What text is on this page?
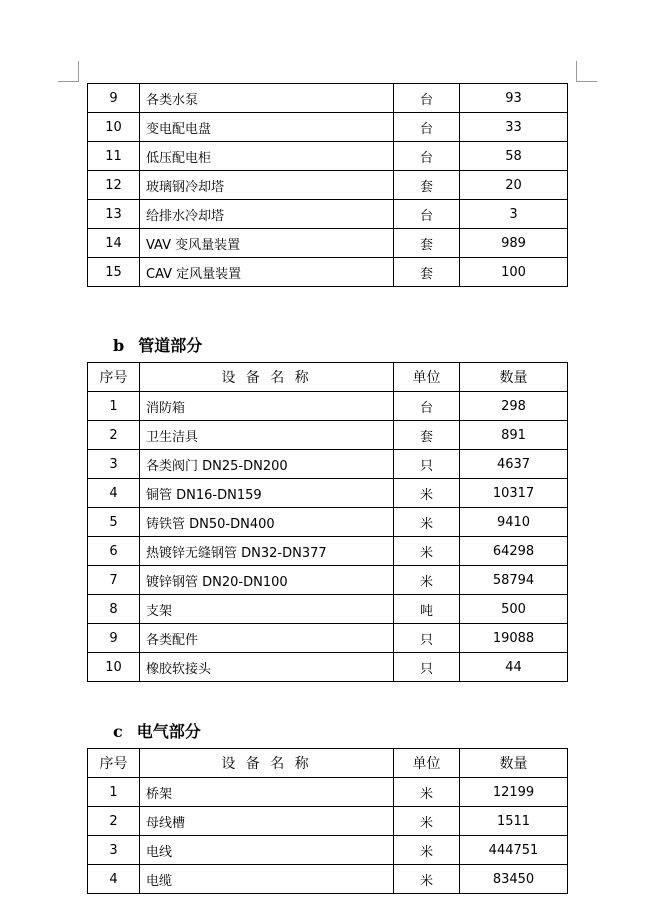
9	各类水泵	台	93
10	变电配电盘	台	33
11	低压配电柜	台	58
12	玻璃钢冷却塔	套	20
13	给排水冷却塔	台	3
14	VAV 变风量装置	套	989
15	CAV 定风量装置	套	100
b 管道部分
序号	设 备 名 称	单位	数量
1	消防箱	台	298
2	卫生洁具	套	891
3	各类阀门 DN25-DN200	只	4637
4	铜管 DN16-DN159	米	10317
5	铸铁管 DN50-DN400	米	9410
6	热镀锌无缝钢管 DN32-DN377	米	64298
7	镀锌钢管 DN20-DN100	米	58794
8	支架	吨	500
9	各类配件	只	19088
10	橡胶软接头	只	44
c 电气部分
序号	设 备 名 称	单位	数量
1	桥架	米	12199
2	母线槽	米	1511
3	电线	米	444751
4	电缆	米	83450
